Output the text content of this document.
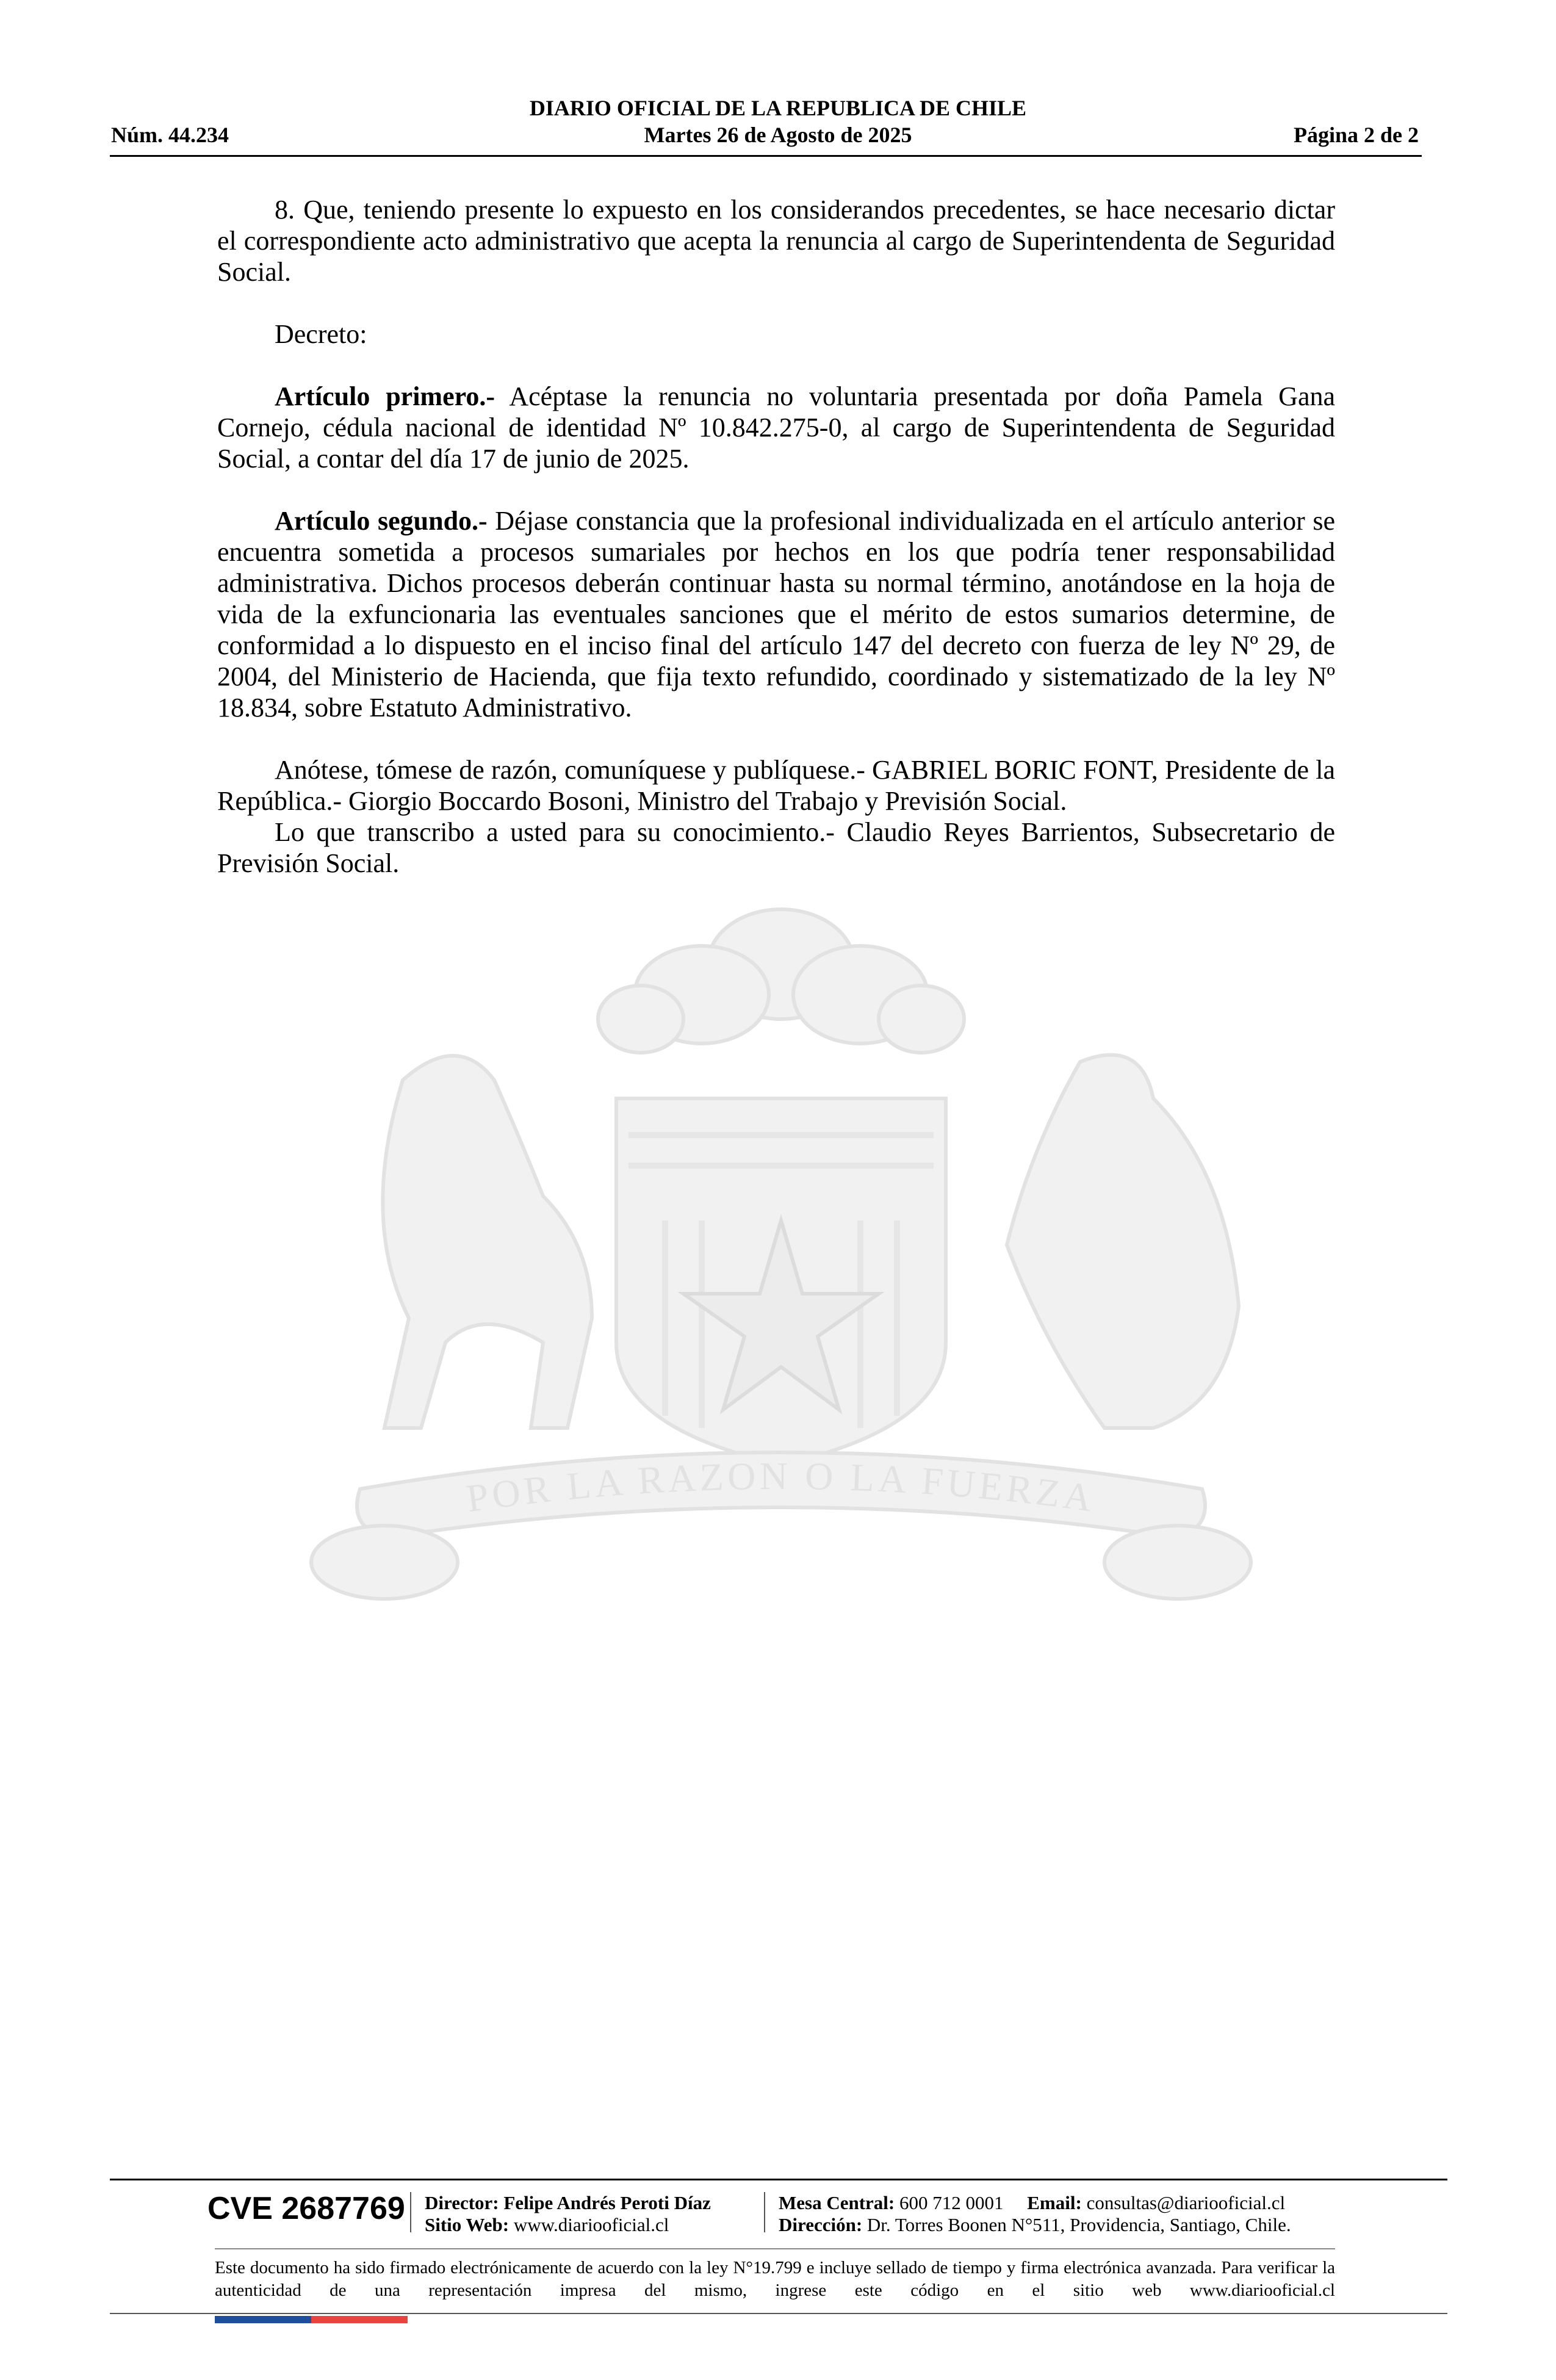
Núm. 44.234
DIARIO OFICIAL DE LA REPUBLICA DE CHILE
Martes 26 de Agosto de 2025	Página 2 de 2
POR LA RAZON O LA FUERZA

8. Que, teniendo presente lo expuesto en los considerandos precedentes, se hace necesario dictar el correspondiente acto administrativo que acepta la renuncia al cargo de Superintendenta de Seguridad Social.

Decreto:

Artículo primero.- Acéptase la renuncia no voluntaria presentada por doña Pamela Gana Cornejo, cédula nacional de identidad Nº 10.842.275-0, al cargo de Superintendenta de Seguridad Social, a contar del día 17 de junio de 2025.

Artículo segundo.- Déjase constancia que la profesional individualizada en el artículo anterior se encuentra sometida a procesos sumariales por hechos en los que podría tener responsabilidad administrativa. Dichos procesos deberán continuar hasta su normal término, anotándose en la hoja de vida de la exfuncionaria las eventuales sanciones que el mérito de estos sumarios determine, de conformidad a lo dispuesto en el inciso final del artículo 147 del decreto con fuerza de ley Nº 29, de 2004, del Ministerio de Hacienda, que fija texto refundido, coordinado y sistematizado de la ley Nº 18.834, sobre Estatuto Administrativo.

Anótese, tómese de razón, comuníquese y publíquese.- GABRIEL BORIC FONT, Presidente de la República.- Giorgio Boccardo Bosoni, Ministro del Trabajo y Previsión Social.

Lo que transcribo a usted para su conocimiento.- Claudio Reyes Barrientos, Subsecretario de Previsión Social.

CVE 2687769 Director: Felipe Andrés Peroti Díaz
Sitio Web: www.diariooficial.cl
Mesa Central: 600 712 0001 Email: consultas@diariooficial.cl
Dirección: Dr. Torres Boonen N°511, Providencia, Santiago, Chile.
Este documento ha sido firmado electrónicamente de acuerdo con la ley N°19.799 e incluye sellado de tiempo y firma electrónica avanzada. Para verificar la autenticidad de una representación impresa del mismo, ingrese este código en el sitio web www.diariooficial.cl
